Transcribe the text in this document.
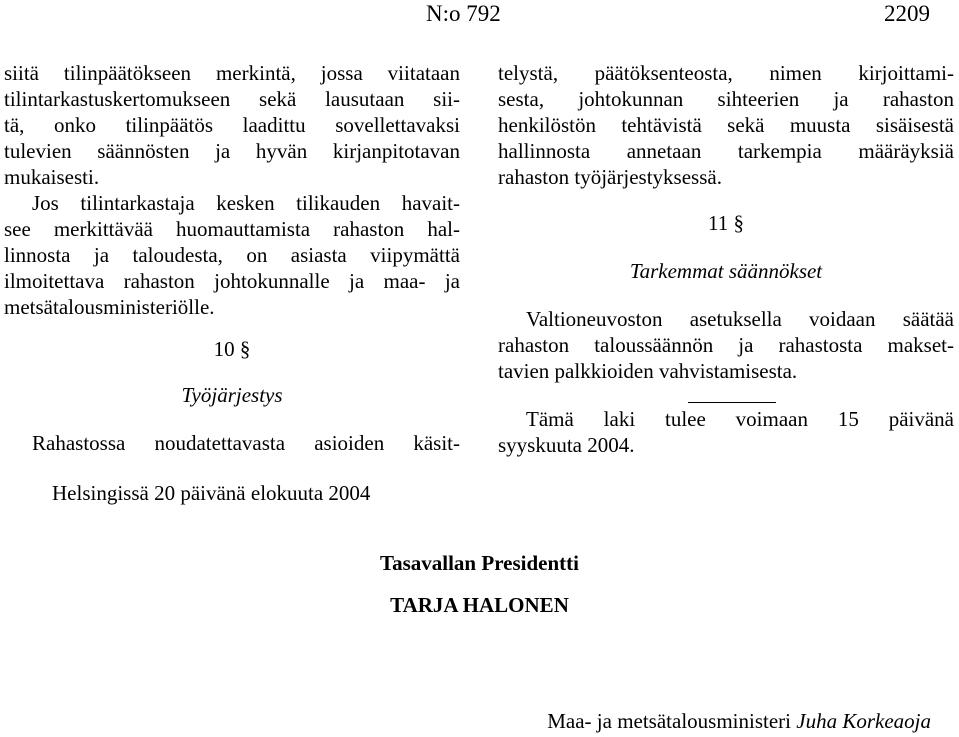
N:o 792	2209
siitä tilinpäätökseen merkintä, jossa viitataan
tilintarkastuskertomukseen sekä lausutaan sii-
tä, onko tilinpäätös laadittu sovellettavaksi
tulevien säännösten ja hyvän kirjanpitotavan
mukaisesti.
Jos tilintarkastaja kesken tilikauden havait-
see merkittävää huomauttamista rahaston hal-
linnosta ja taloudesta, on asiasta viipymättä
ilmoitettava rahaston johtokunnalle ja maa- ja
metsätalousministeriölle.
10 §
Työjärjestys
Rahastossa noudatettavasta asioiden käsit-
telystä, päätöksenteosta, nimen kirjoittami-
sesta, johtokunnan sihteerien ja rahaston
henkilöstön tehtävistä sekä muusta sisäisestä
hallinnosta annetaan tarkempia määräyksiä
rahaston työjärjestyksessä.
11 §
Tarkemmat säännökset
Valtioneuvoston asetuksella voidaan säätää
rahaston taloussäännön ja rahastosta makset-
tavien palkkioiden vahvistamisesta.
Tämä laki tulee voimaan 15 päivänä
syyskuuta 2004.
Helsingissä 20 päivänä elokuuta 2004
Tasavallan Presidentti
TARJA HALONEN
Maa- ja metsätalousministeri Juha Korkeaoja
